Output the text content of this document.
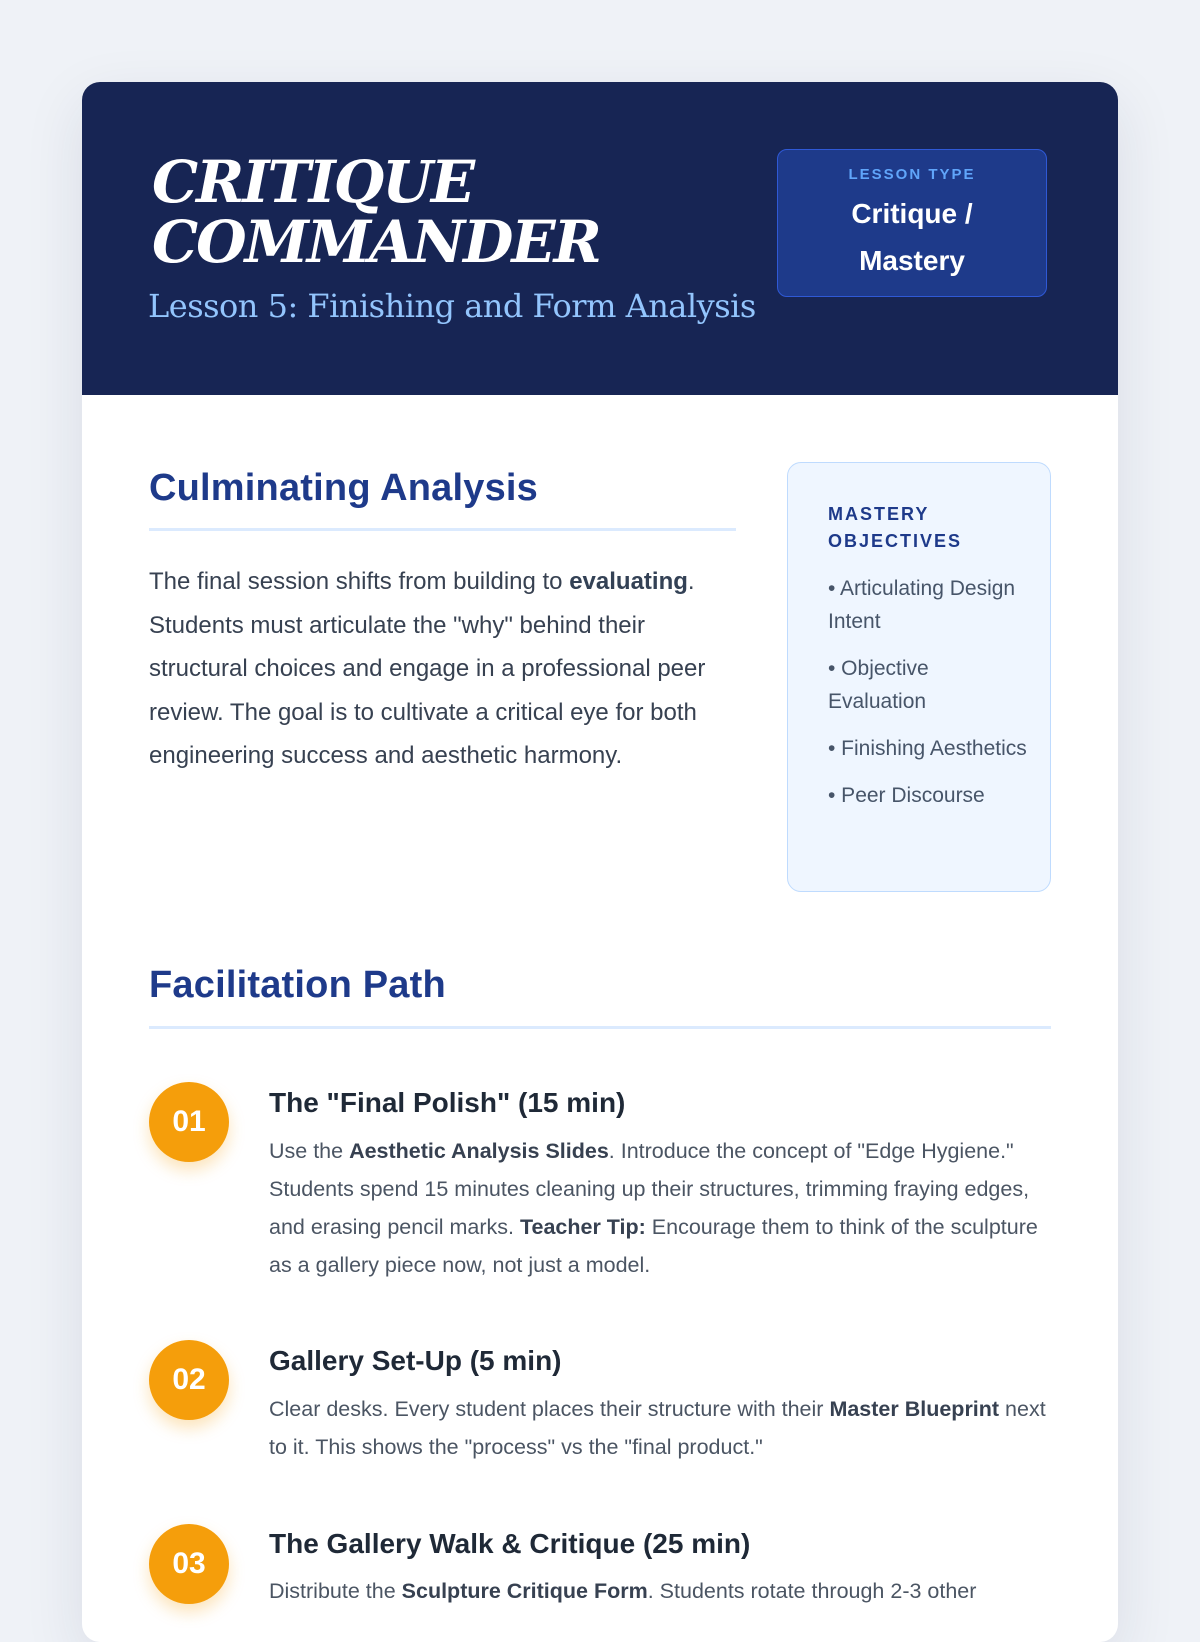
CRITIQUE
COMMANDER

Lesson 5: Finishing and Form Analysis

LESSON TYPE
Critique / Mastery
Culminating Analysis

The final session shifts from building to evaluating. Students must articulate the "why" behind their structural choices and engage in a professional peer review. The goal is to cultivate a critical eye for both engineering success and aesthetic harmony.

MASTERY OBJECTIVES
• Articulating Design Intent
• Objective Evaluation
• Finishing Aesthetics
• Peer Discourse
Facilitation Path
01
The "Final Polish" (15 min)

Use the Aesthetic Analysis Slides. Introduce the concept of "Edge Hygiene." Students spend 15 minutes cleaning up their structures, trimming fraying edges, and erasing pencil marks. Teacher Tip: Encourage them to think of the sculpture as a gallery piece now, not just a model.

02
Gallery Set-Up (5 min)

Clear desks. Every student places their structure with their Master Blueprint next to it. This shows the "process" vs the "final product."

03
The Gallery Walk & Critique (25 min)

Distribute the Sculpture Critique Form. Students rotate through 2-3 other
